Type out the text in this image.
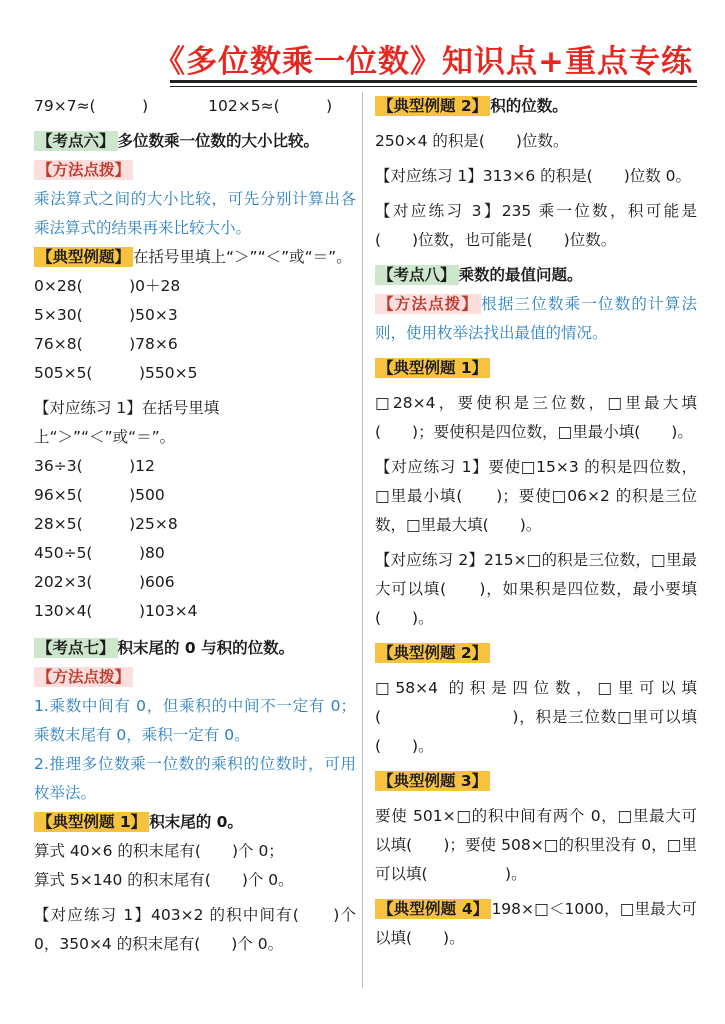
《多位数乘一位数》知识点+重点专练
79×7≈(　　　)	102×5≈(　　　)
【考点六】 多位数乘一位数的大小比较。
【方法点拨】
乘法算式之间的大小比较，可先分别计算出各乘法算式的结果再来比较大小。
【典型例题】 在括号里填上“＞”“＜”或“＝”。
0×28(　　　)0＋28
5×30(　　　)50×3
76×8(　　　)78×6
505×5(　　　)550×5
【对应练习 1】在括号里填上“＞”“＜”或“＝”。
36÷3(　　　)12
96×5(　　　)500
28×5(　　　)25×8
450÷5(　　　)80
202×3(　　　)606
130×4(　　　)103×4
【考点七】 积末尾的 0 与积的位数。
【方法点拨】
1.乘数中间有 0，但乘积的中间不一定有 0；乘数末尾有 0，乘积一定有 0。
2.推理多位数乘一位数的乘积的位数时，可用枚举法。
【典型例题 1】 积末尾的 0。
算式 40×6 的积末尾有(　　)个 0；
算式 5×140 的积末尾有(　　)个 0。
【对应练习 1】403×2 的积中间有(　　)个 0，350×4 的积末尾有(　　)个 0。
【典型例题 2】 积的位数。
250×4 的积是(　　)位数。
【对应练习 1】313×6 的积是(　　)位数 0。
【对应练习 3】235 乘一位数，积可能是(　　)位数，也可能是(　　)位数。
【考点八】 乘数的最值问题。
【方法点拨】 根据三位数乘一位数的计算法则，使用枚举法找出最值的情况。
【典型例题 1】
□28×4，要使积是三位数，□里最大填(　　)；要使积是四位数，□里最小填(　　)。
【对应练习 1】要使□15×3 的积是四位数，□里最小填(　　)；要使□06×2 的积是三位数，□里最大填(　　)。
【对应练习 2】215×□的积是三位数，□里最大可以填(　　)，如果积是四位数，最小要填(　　)。
【典型例题 2】
□58×4 的积是四位数，□里可以填(　　　　　　　　)，积是三位数□里可以填(　　)。
【典型例题 3】
要使 501×□的积中间有两个 0，□里最大可以填(　　)；要使 508×□的积里没有 0，□里可以填(　　　　　)。
【典型例题 4】 198×□＜1000，□里最大可以填(　　)。
